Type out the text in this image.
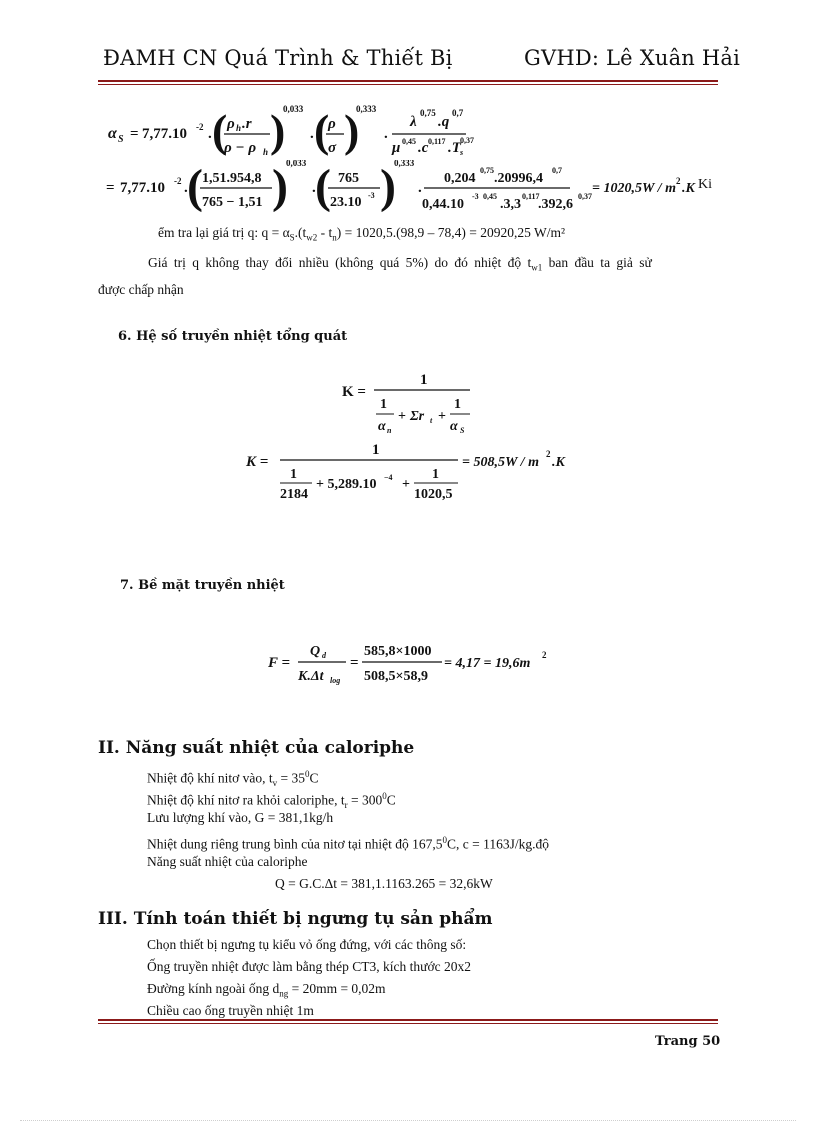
ĐAMH CN Quá Trình & Thiết Bị	GVHD: Lê Xuân Hải
α S = 7,77.10 -2 . ( ρ h .r
ρ − ρ h )
0,033
. (
ρ
σ )
0,333
.
λ
0,75
.q
0,7
μ 0,45 .c 0,117 .T s
0,37
= 7,77.10 -2 . ( 1,51.954,8
765 − 1,51 )
0,033
. ( 765
23.10 -3 )
0,333
.
0,204
0,75
.20996,4
0,7
0,44.10
-3 0,45
.3,3
0,117
.392,6
0,37
= 1020,5W / m 2 .K Ki
ểm tra lại giá trị q: $q = \alpha_S.(t_{w2} - t_n) = 1020,5.(98,9 - 78,4) = 20920,25$ W/m²
Giá trị q không thay đổi nhiều (không quá 5%) do đó nhiệt độ $t_{w1}$ ban đầu ta giả sử
được chấp nhận
6. Hệ số truyền nhiệt tổng quát
K =
1
1
α n
+ Σr t +
1
α S
K =
1
1
2184
+ 5,289.10 −4 +
1
1020,5
= 508,5W / m
2
.K
7. Bề mặt truyền nhiệt
F =
Q d
K.Δt log
=
585,8×1000
508,5×58,9
= 4,17 = 19,6m
2
II. Năng suất nhiệt của caloriphe
Nhiệt độ khí nitơ vào, $t_v = 35^0C$
Nhiệt độ khí nitơ ra khỏi caloriphe, $t_r = 300^0C$
Lưu lượng khí vào, G = 381,1kg/h
Nhiệt dung riêng trung bình của nitơ tại nhiệt độ 167,5$^0$C, c = 1163J/kg.độ
Năng suất nhiệt của caloriphe
Q = G.C.Δt = 381,1.1163.265 = 32,6kW
III. Tính toán thiết bị ngưng tụ sản phẩm
Chọn thiết bị ngưng tụ kiểu vỏ ống đứng, với các thông số:
Ống truyền nhiệt được làm bằng thép CT3, kích thước 20x2
Đường kính ngoài ống $d_{ng} = 20mm = 0,02m$
Chiều cao ống truyền nhiệt 1m
Trang 50
